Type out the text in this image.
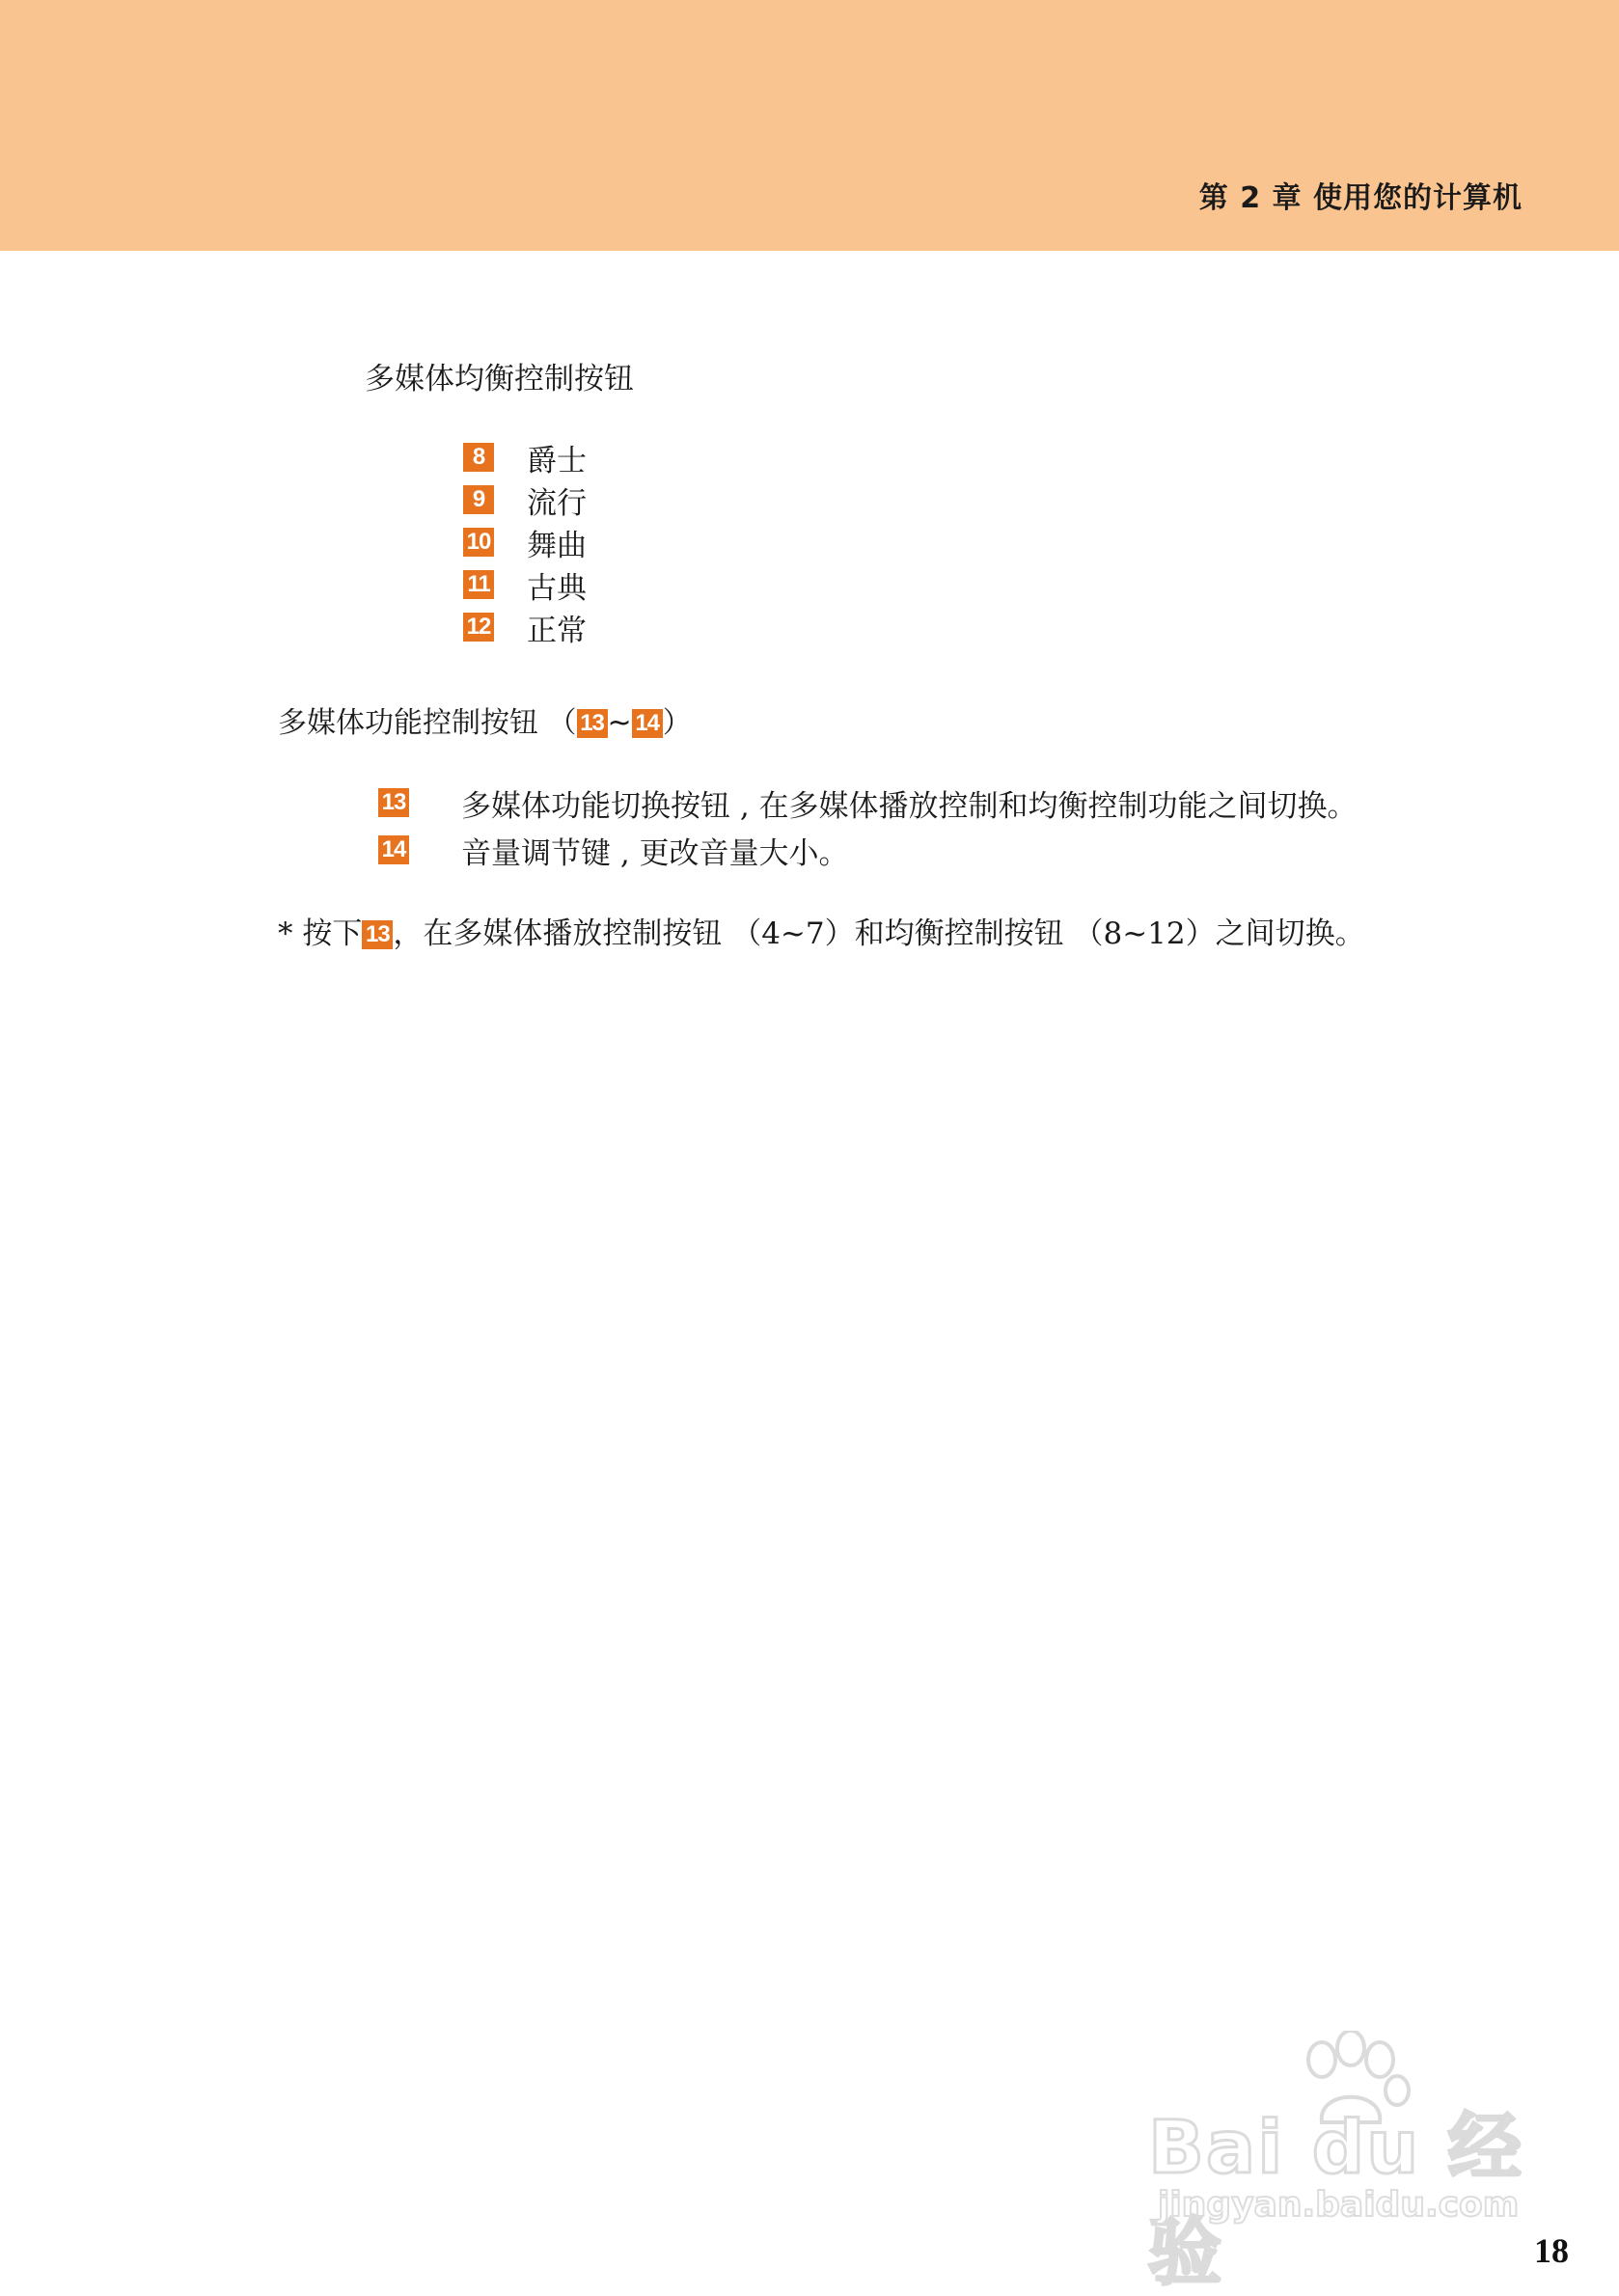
第 2 章 使用您的计算机
多媒体均衡控制按钮
8	爵士
9	流行
10 舞曲
11 古典
12 正常
多媒体功能控制按钮 （ 13 ~ 14 ）
13 多媒体功能切换按钮 , 在多媒体播放控制和均衡控制功能之间切换。
14 音量调节键 , 更改音量大小。
* 按下 13 ，在多媒体播放控制按钮 （4~7）和均衡控制按钮 （8~12）之间切换。
Bai du 经验
jingyan.baidu.com
18
